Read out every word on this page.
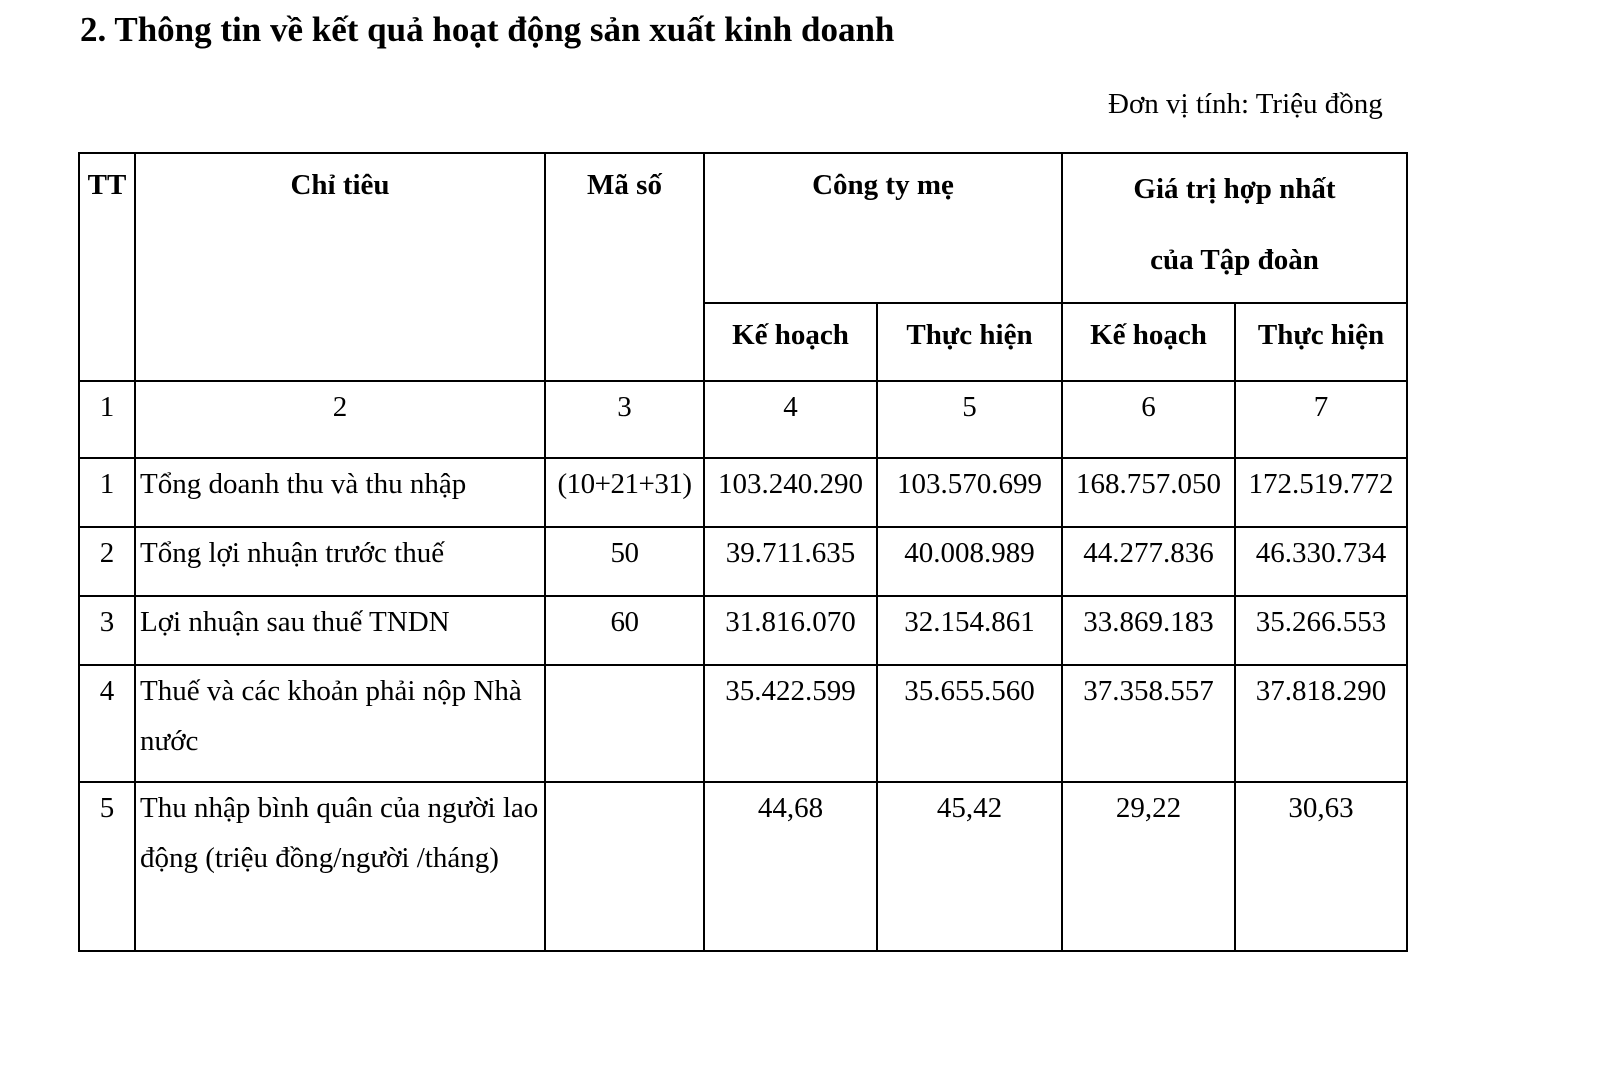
2. Thông tin về kết quả hoạt động sản xuất kinh doanh
Đơn vị tính: Triệu đồng
TT	Chỉ tiêu	Mã số	Công ty mẹ		Giá trị hợp nhất
của Tập đoàn	
			Kế hoạch	Thực hiện	Kế hoạch	Thực hiện
1	2	3	4	5	6	7
1	Tổng doanh thu và thu nhập	(10+21+31)	103.240.290	103.570.699	168.757.050	172.519.772
2	Tổng lợi nhuận trước thuế	50	39.711.635	40.008.989	44.277.836	46.330.734
3	Lợi nhuận sau thuế TNDN	60	31.816.070	32.154.861	33.869.183	35.266.553
4	Thuế và các khoản phải nộp Nhà nước		35.422.599	35.655.560	37.358.557	37.818.290
5	Thu nhập bình quân của người lao động (triệu đồng/người /tháng)		44,68	45,42	29,22	30,63
